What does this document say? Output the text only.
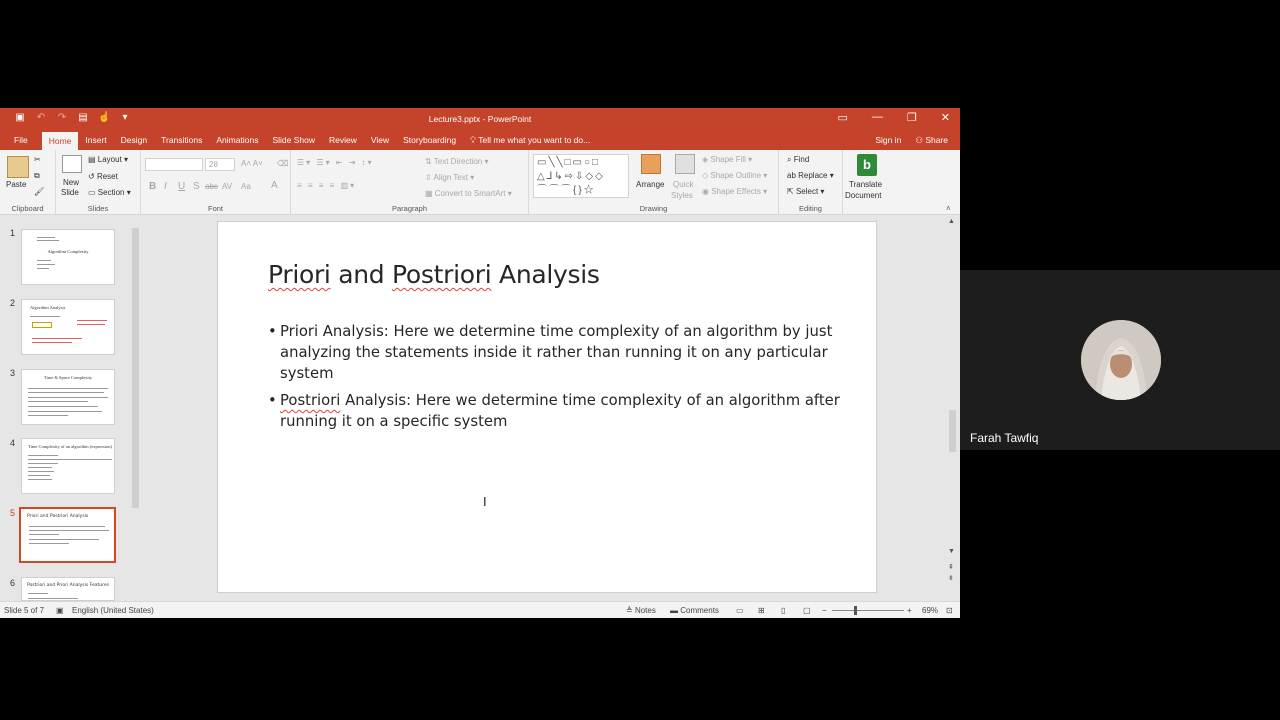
▣ ↶ ↷ ▤ ☝	▾	Lecture3.pptx - PowerPoint	▭ — ❐ ✕
File	Home	Insert	Design	Transitions	Animations	Slide Show	Review	View	Storyboarding	💡︎ Tell me what you want to do...	Sign in ⚇ Share
Paste
✂
⧉
🖌︎
Clipboard
New
Slide
▤ Layout ▾
↺ Reset
▭ Section ▾
Slides
28	A˄ A˅ ⌫
B I U S abc AV Aa A
Font
☰▾ ☰▾ ⇤ ⇥ ↕▾
≡ ≡ ≡ ≡ ▥▾
⇅ Text Direction ▾
⇳ Align Text ▾
▦ Convert to SmartArt ▾
Paragraph
▭╲╲□▭○□
△⅃↳⇨⇩◇◇
⌒⌒⌒{}☆
Arrange Quick
Styles
◈ Shape Fill ▾
◇ Shape Outline ▾
◉ Shape Effects ▾
Drawing
⌕ Find
ab Replace ▾
⇱ Select ▾
Editing
b
Translate
Document
˄
1
Algorithm Complexity
2	Algorithm Analysis
3	Time & Space Complexity
4	Time Complexity of an algorithm (expression)
5	Priori and Postriori Analysis
6	Postriori and Priori Analysis Features
Priori and Postriori Analysis
• Priori Analysis: Here we determine time complexity of an algorithm by just analyzing the statements inside it rather than running it on any particular system
• Postriori Analysis: Here we determine time complexity of an algorithm after running it on a specific system
▲
▼
⇞
⇟
Slide 5 of 7 ▣ English (United States)	≜ Notes ▬ Comments ▭ ⊞ ▯ ▢ −	+ 69% ⊡
I
Farah Tawfiq
